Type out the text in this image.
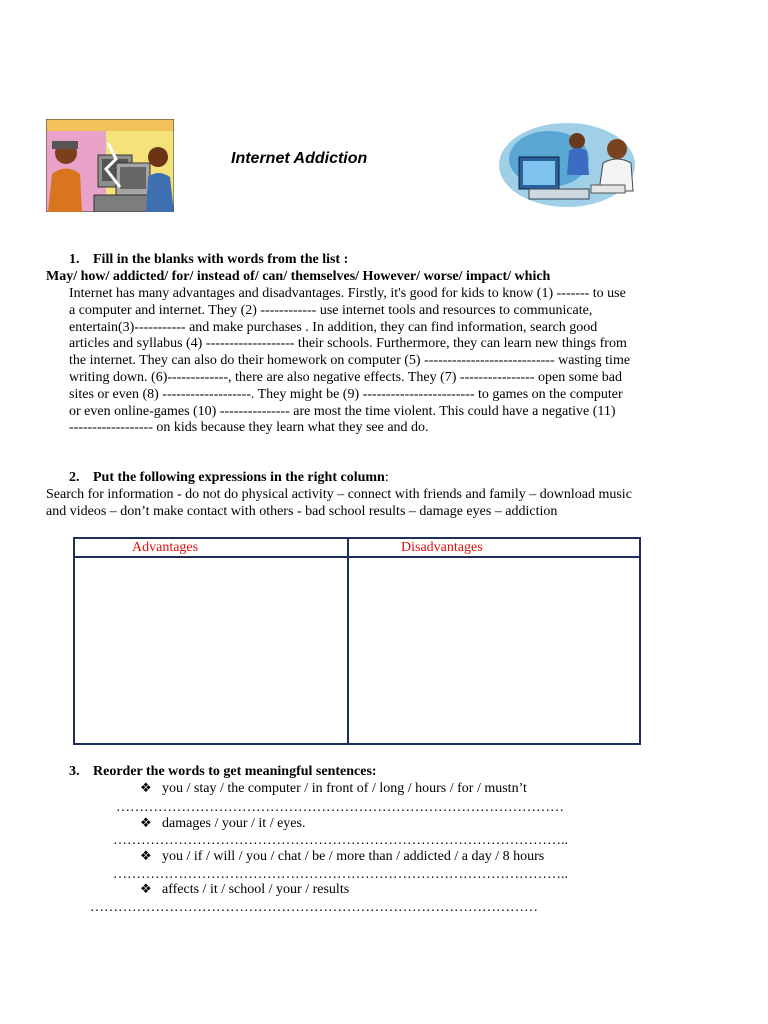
Internet Addiction
1. Fill in the blanks with words from the list :
May/ how/ addicted/ for/ instead of/ can/ themselves/ However/ worse/ impact/ which
Internet has many advantages and disadvantages. Firstly, it's good for kids to know (1) ------- to use
a computer and internet. They (2) ------------ use internet tools and resources to communicate,
entertain(3)----------- and make purchases . In addition, they can find information, search good
articles and syllabus (4) ------------------- their schools. Furthermore, they can learn new things from
the internet. They can also do their homework on computer (5) ---------------------------- wasting time
writing down. (6)-------------, there are also negative effects. They (7) ---------------- open some bad
sites or even (8) -------------------. They might be (9) ------------------------ to games on the computer
or even online-games (10) --------------- are most the time violent. This could have a negative (11)
------------------ on kids because they learn what they see and do.
2. Put the following expressions in the right column:
Search for information - do not do physical activity – connect with friends and family – download music
and videos – don’t make contact with others - bad school results – damage eyes – addiction
Advantages	Disadvantages

3. Reorder the words to get meaningful sentences:
❖ you / stay / the computer / in front of / long / hours / for / mustn’t
……………………………………………………………………………………
❖ damages / your / it / eyes.
……………………………………………………………………………………..
❖ you / if / will / you / chat / be / more than / addicted / a day / 8 hours
……………………………………………………………………………………..
❖ affects / it / school / your / results
……………………………………………………………………………………
